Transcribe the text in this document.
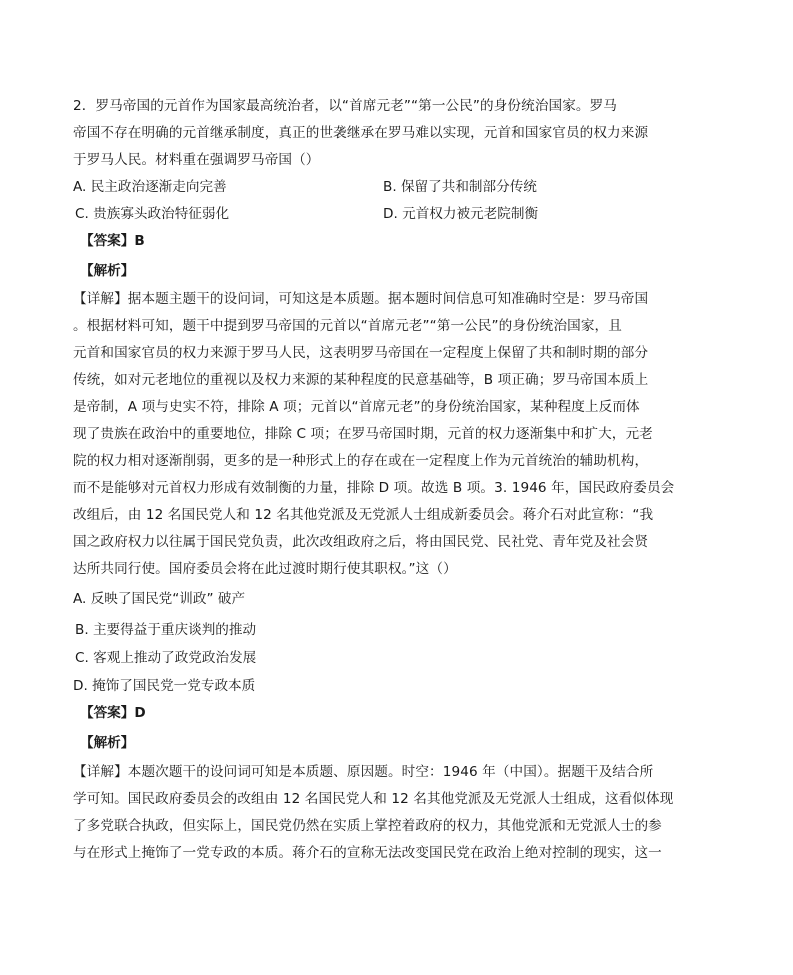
2．罗马帝国的元首作为国家最高统治者，以“首席元老”“第一公民”的身份统治国家。罗马
帝国不存在明确的元首继承制度，真正的世袭继承在罗马难以实现，元首和国家官员的权力来源
于罗马人民。材料重在强调罗马帝国（）
A. 民主政治逐渐走向完善	B. 保留了共和制部分传统
C. 贵族寡头政治特征弱化	D. 元首权力被元老院制衡
【答案】B
【解析】
【详解】据本题主题干的设问词，可知这是本质题。据本题时间信息可知准确时空是：罗马帝国
。根据材料可知，题干中提到罗马帝国的元首以“首席元老”“第一公民”的身份统治国家，且
元首和国家官员的权力来源于罗马人民，这表明罗马帝国在一定程度上保留了共和制时期的部分
传统，如对元老地位的重视以及权力来源的某种程度的民意基础等，B 项正确；罗马帝国本质上
是帝制，A 项与史实不符，排除 A 项；元首以“首席元老”的身份统治国家，某种程度上反而体
现了贵族在政治中的重要地位，排除 C 项；在罗马帝国时期，元首的权力逐渐集中和扩大，元老
院的权力相对逐渐削弱，更多的是一种形式上的存在或在一定程度上作为元首统治的辅助机构，
而不是能够对元首权力形成有效制衡的力量，排除 D 项。故选 B 项。3. 1946 年，国民政府委员会
改组后，由 12 名国民党人和 12 名其他党派及无党派人士组成新委员会。蒋介石对此宣称：“我
国之政府权力以往属于国民党负责，此次改组政府之后，将由国民党、民社党、青年党及社会贤
达所共同行使。国府委员会将在此过渡时期行使其职权。”这（）
A. 反映了国民党“训政” 破产
B. 主要得益于重庆谈判的推动
C. 客观上推动了政党政治发展
D. 掩饰了国民党一党专政本质
【答案】D
【解析】
【详解】本题次题干的设问词可知是本质题、原因题。时空：1946 年（中国）。据题干及结合所
学可知。国民政府委员会的改组由 12 名国民党人和 12 名其他党派及无党派人士组成，这看似体现
了多党联合执政，但实际上，国民党仍然在实质上掌控着政府的权力，其他党派和无党派人士的参
与在形式上掩饰了一党专政的本质。蒋介石的宣称无法改变国民党在政治上绝对控制的现实，这一
